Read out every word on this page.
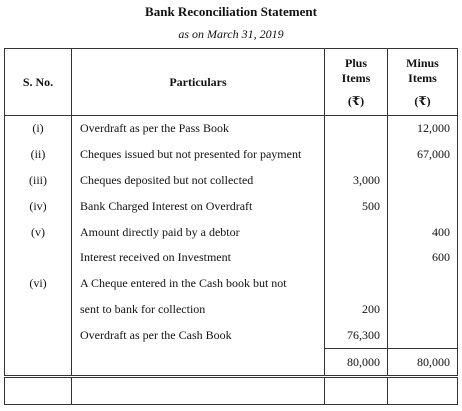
Bank Reconciliation Statement
as on March 31, 2019
S. No.	Particulars	Plus
Items
(₹)	Minus
Items
(₹)

(i)	Overdraft as per the Pass Book		12,000
(ii)	Cheques issued but not presented for payment		67,000
(iii)	Cheques deposited but not collected	3,000	
(iv)	Bank Charged Interest on Overdraft	500	
(v)	Amount directly paid by a debtor		400
	Interest received on Investment		600
(vi)	A Cheque entered in the Cash book but not		
	sent to bank for collection	200	
	Overdraft as per the Cash Book	76,300	
		80,000	80,000
